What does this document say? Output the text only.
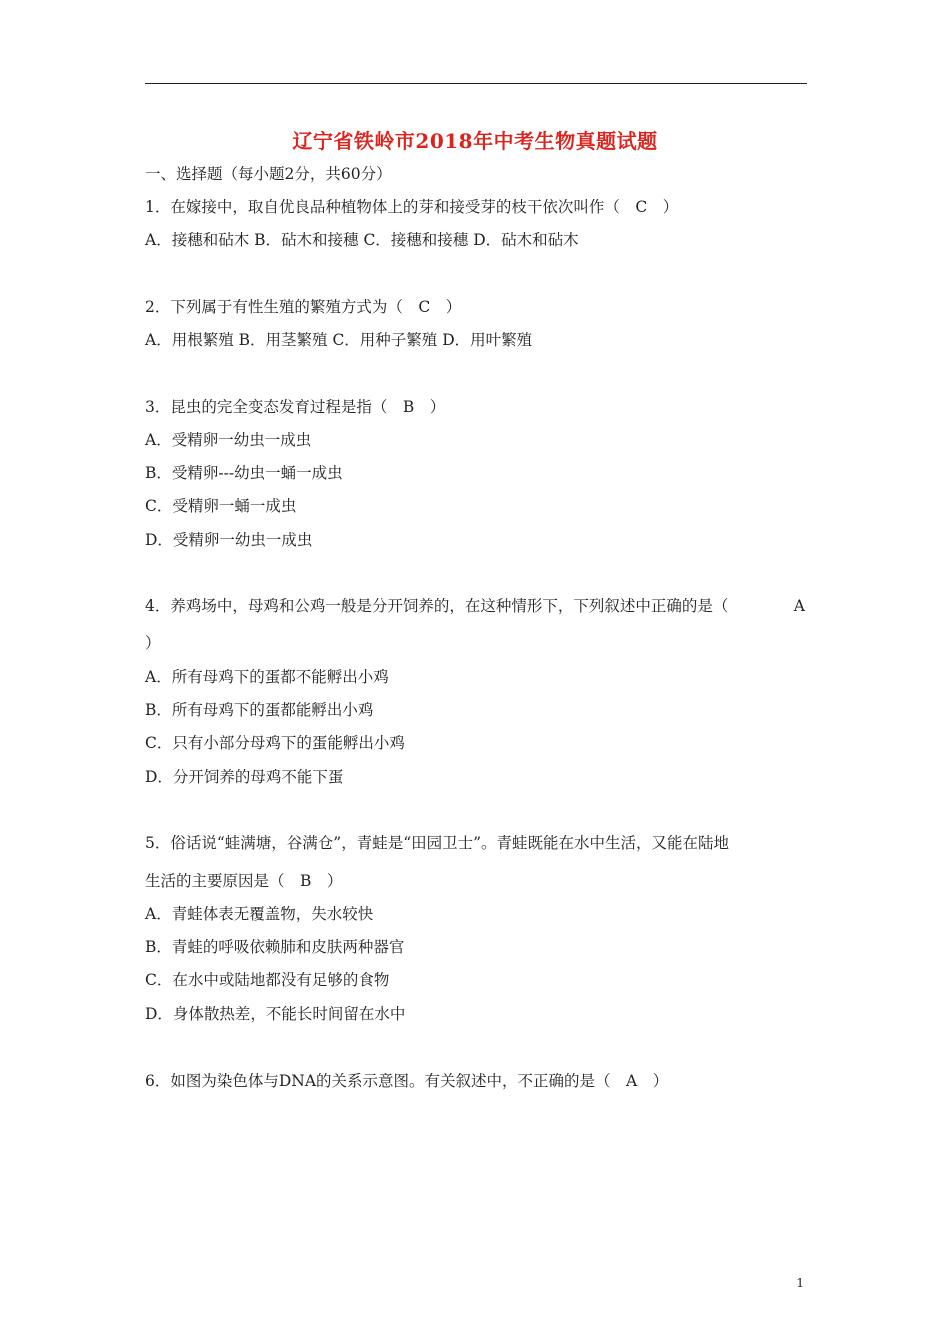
辽宁省铁岭市2018年中考生物真题试题
一、选择题（每小题2分，共60分）
1．在嫁接中，取自优良品种植物体上的芽和接受芽的枝干依次叫作（　C　）
A．接穗和砧木 B．砧木和接穗 C．接穗和接穗 D．砧木和砧木
2．下列属于有性生殖的繁殖方式为（　C　）
A．用根繁殖 B．用茎繁殖 C．用种子繁殖 D．用叶繁殖
3．昆虫的完全变态发育过程是指（　B　）
A．受精卵一幼虫一成虫
B．受精卵---幼虫一蛹一成虫
C．受精卵一蛹一成虫
D．受精卵一幼虫一成虫
4．养鸡场中，母鸡和公鸡一般是分开饲养的，在这种情形下，下列叙述中正确的是（	A
）
A．所有母鸡下的蛋都不能孵出小鸡
B．所有母鸡下的蛋都能孵出小鸡
C．只有小部分母鸡下的蛋能孵出小鸡
D．分开饲养的母鸡不能下蛋
5．俗话说“蛙满塘，谷满仓”，青蛙是“田园卫士”。青蛙既能在水中生活，又能在陆地
生活的主要原因是（　B　）
A．青蛙体表无覆盖物，失水较快
B．青蛙的呼吸依赖肺和皮肤两种器官
C．在水中或陆地都没有足够的食物
D．身体散热差，不能长时间留在水中
6．如图为染色体与DNA的关系示意图。有关叙述中，不正确的是（　A　）
1
